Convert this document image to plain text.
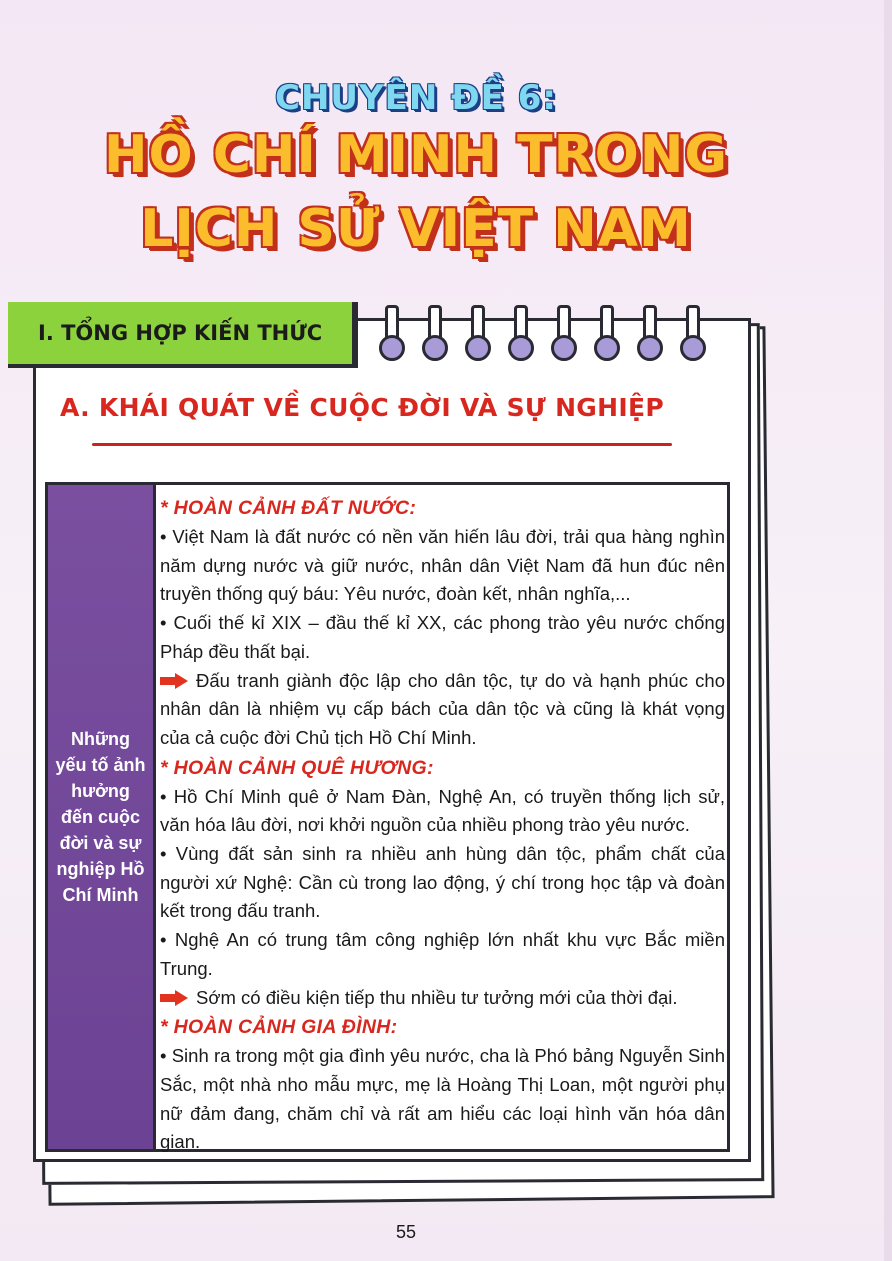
CHUYÊN ĐỀ 6:
HỒ CHÍ MINH TRONG
LỊCH SỬ VIỆT NAM
I. TỔNG HỢP KIẾN THỨC
A. KHÁI QUÁT VỀ CUỘC ĐỜI VÀ SỰ NGHIỆP
Những
yếu tố ảnh
hưởng
đến cuộc
đời và sự
nghiệp Hồ
Chí Minh
* HOÀN CẢNH ĐẤT NƯỚC:
• Việt Nam là đất nước có nền văn hiến lâu đời, trải qua hàng nghìn năm dựng nước và giữ nước, nhân dân Việt Nam đã hun đúc nên truyền thống quý báu: Yêu nước, đoàn kết, nhân nghĩa,...
• Cuối thế kỉ XIX – đầu thế kỉ XX, các phong trào yêu nước chống Pháp đều thất bại.
Đấu tranh giành độc lập cho dân tộc, tự do và hạnh phúc cho nhân dân là nhiệm vụ cấp bách của dân tộc và cũng là khát vọng của cả cuộc đời Chủ tịch Hồ Chí Minh.
* HOÀN CẢNH QUÊ HƯƠNG:
• Hồ Chí Minh quê ở Nam Đàn, Nghệ An, có truyền thống lịch sử, văn hóa lâu đời, nơi khởi nguồn của nhiều phong trào yêu nước.
• Vùng đất sản sinh ra nhiều anh hùng dân tộc, phẩm chất của người xứ Nghệ: Cần cù trong lao động, ý chí trong học tập và đoàn kết trong đấu tranh.
• Nghệ An có trung tâm công nghiệp lớn nhất khu vực Bắc miền Trung.
Sớm có điều kiện tiếp thu nhiều tư tưởng mới của thời đại.
* HOÀN CẢNH GIA ĐÌNH:
• Sinh ra trong một gia đình yêu nước, cha là Phó bảng Nguyễn Sinh Sắc, một nhà nho mẫu mực, mẹ là Hoàng Thị Loan, một người phụ nữ đảm đang, chăm chỉ và rất am hiểu các loại hình văn hóa dân gian.
55
